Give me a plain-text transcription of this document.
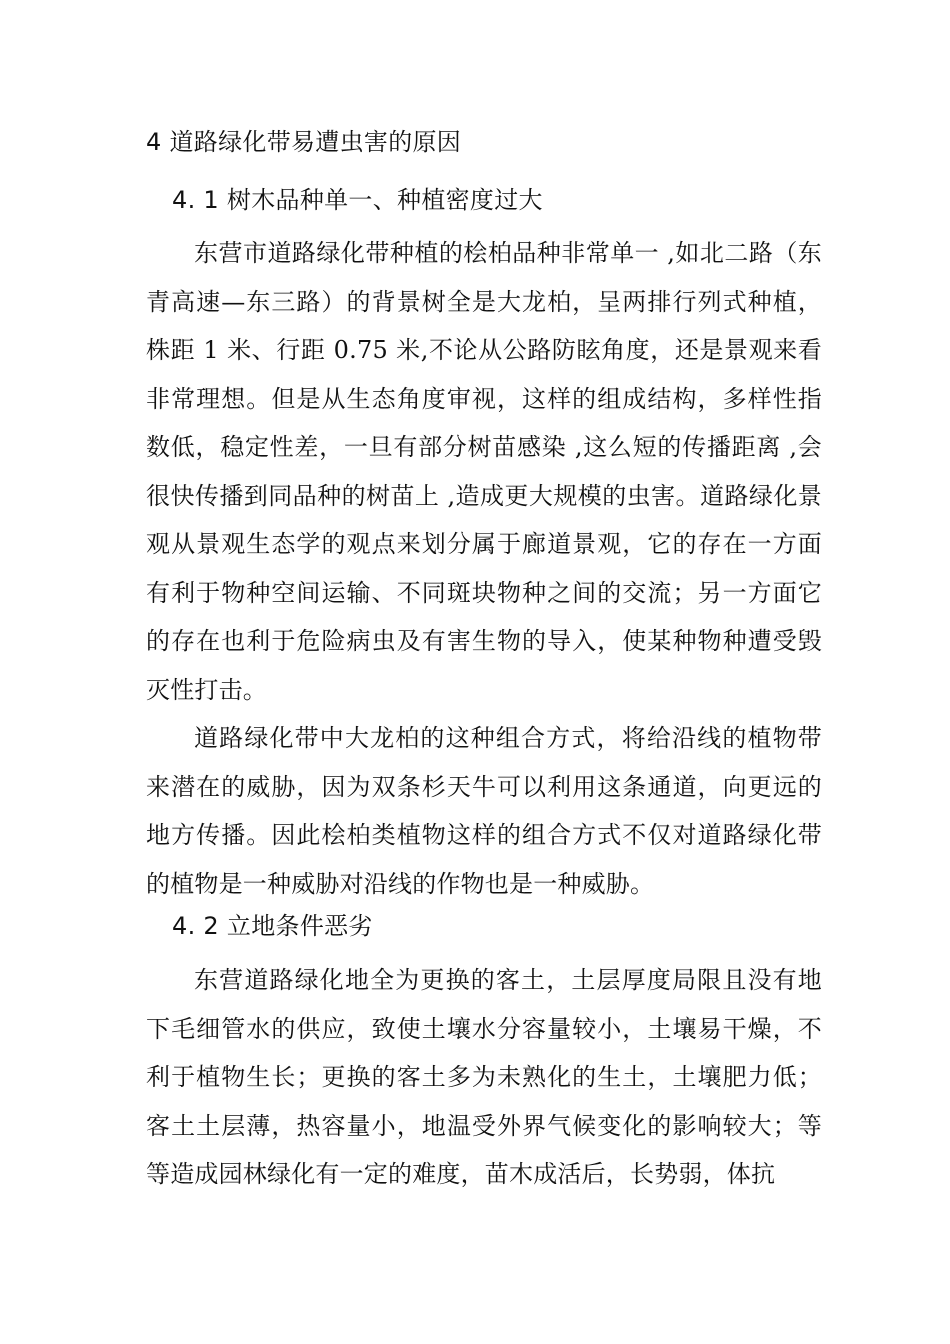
4 道路绿化带易遭虫害的原因
4. 1 树木品种单一、种植密度过大

东营市道路绿化带种植的桧柏品种非常单一 ,如北二路（东青高速—东三路）的背景树全是大龙柏，呈两排行列式种植，株距 1 米、行距 0.75 米,不论从公路防眩角度，还是景观来看非常理想。但是从生态角度审视，这样的组成结构，多样性指数低，稳定性差，一旦有部分树苗感染 ,这么短的传播距离 ,会很快传播到同品种的树苗上 ,造成更大规模的虫害。道路绿化景观从景观生态学的观点来划分属于廊道景观，它的存在一方面有利于物种空间运输、不同斑块物种之间的交流；另一方面它的存在也利于危险病虫及有害生物的导入，使某种物种遭受毁灭性打击。

道路绿化带中大龙柏的这种组合方式，将给沿线的植物带来潜在的威胁，因为双条杉天牛可以利用这条通道，向更远的地方传播。因此桧柏类植物这样的组合方式不仅对道路绿化带的植物是一种威胁对沿线的作物也是一种威胁。

4. 2 立地条件恶劣

东营道路绿化地全为更换的客土，土层厚度局限且没有地下毛细管水的供应，致使土壤水分容量较小，土壤易干燥，不利于植物生长；更换的客土多为未熟化的生土，土壤肥力低；客土土层薄，热容量小，地温受外界气候变化的影响较大；等等造成园林绿化有一定的难度，苗木成活后，长势弱，体抗
